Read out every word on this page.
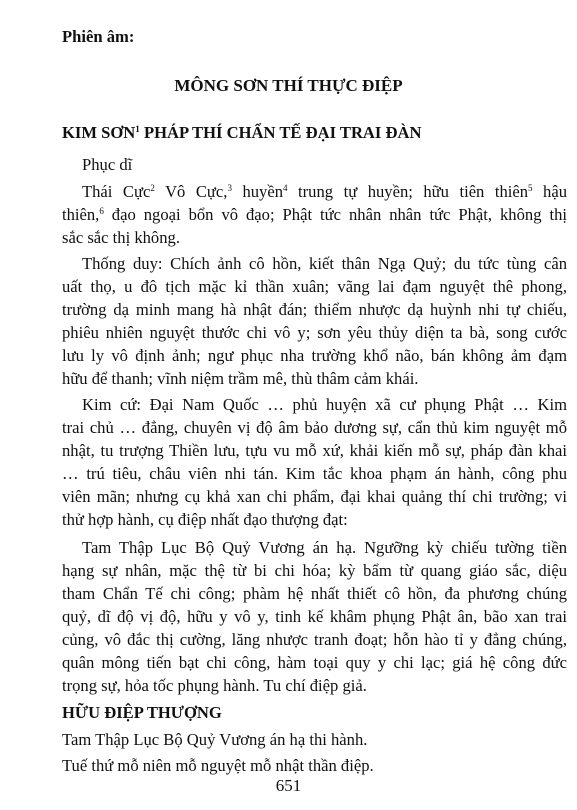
Phiên âm:

MÔNG SƠN THÍ THỰC ĐIỆP

KIM SƠN$^1$ PHÁP THÍ CHẨN TẾ ĐẠI TRAI ĐÀN

Phục dĩ

Thái Cực$^2$ Vô Cực,$^3$ huyền$^4$ trung tự huyền; hữu tiên thiên$^5$ hậu

thiên,$^6$ đạo ngoại bổn vô đạo; Phật tức nhân nhân tức Phật, không thị

sắc sắc thị không.

Thống duy: Chích ảnh cô hồn, kiết thân Ngạ Quỷ; du tức tùng cân

uất thọ, u đô tịch mặc kỉ thần xuân; vãng lai đạm nguyệt thê phong,

trường dạ minh mang hà nhật đán; thiểm nhược dạ huỳnh nhi tự chiếu,

phiêu nhiên nguyệt thước chi vô y; sơn yêu thủy diện ta bà, song cước

lưu ly vô định ảnh; ngư phục nha trường khổ não, bán không ảm đạm

hữu để thanh; vĩnh niệm trầm mê, thù thâm cảm khái.

Kim cứ: Đại Nam Quốc … phủ huyện xã cư phụng Phật … Kim

trai chủ … đẳng, chuyên vị độ âm bảo dương sự, cẩn thủ kim nguyệt mỗ

nhật, tu trượng Thiền lưu, tựu vu mỗ xứ, khải kiến mỗ sự, pháp đàn khai

… trú tiêu, châu viên nhi tán. Kim tắc khoa phạm án hành, công phu

viên mãn; nhưng cụ khả xan chi phẩm, đại khai quảng thí chi trường; vi

thử hợp hành, cụ điệp nhất đạo thượng đạt:

Tam Thập Lục Bộ Quỷ Vương án hạ. Ngưỡng kỳ chiếu tường tiền

hạng sự nhân, mặc thệ từ bi chi hóa; kỳ bẩm từ quang giáo sắc, diệu

tham Chẩn Tế chi công; phàm hệ nhất thiết cô hồn, đa phương chúng

quỷ, dĩ độ vị độ, hữu y vô y, tinh kế khâm phụng Phật ân, bão xan trai

củng, vô đắc thị cường, lăng nhược tranh đoạt; hỗn hào tỉ y đẳng chúng,

quân mông tiến bạt chi công, hàm toại quy y chi lạc; giá hệ công đức

trọng sự, hỏa tốc phụng hành. Tu chí điệp giả.

HỮU ĐIỆP THƯỢNG

Tam Thập Lục Bộ Quỷ Vương án hạ thi hành.

Tuế thứ mỗ niên mỗ nguyệt mỗ nhật thần điệp.

651
